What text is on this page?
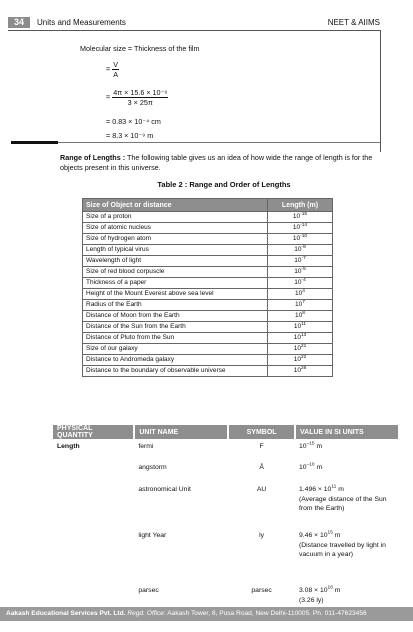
34	Units and Measurements	NEET & AIIMS
Molecular size = Thickness of the film
= $\frac{V}{A}$
= $\frac{\text{4π × 15.6 × 10⁻⁶}}{3 \times 25\pi}$
= 0.83 × 10⁻⁴ cm
= 8.3 × 10⁻⁹ m
Range of Lengths : The following table gives us an idea of how wide the range of length is for the objects present in this universe.
Table 2 : Range and Order of Lengths
Size of Object or distance	Length (m)
Size of a proton	$10^{-15}$
Size of atomic nucleus	$10^{-14}$
Size of hydrogen atom	$10^{-10}$
Length of typical virus	$10^{-8}$
Wavelength of light	$10^{-7}$
Size of red blood corpuscle	$10^{-5}$
Thickness of a paper	$10^{-4}$
Height of the Mount Everest above sea level	$10^4$
Radius of the Earth	$10^7$
Distance of Moon from the Earth	$10^8$
Distance of the Sun from the Earth	$10^{11}$
Distance of Pluto from the Sun	$10^{13}$
Size of our galaxy	$10^{21}$
Distance to Andromeda galaxy	$10^{22}$
Distance to the boundary of observable universe	$10^{26}$
PHYSICAL QUANTITY	UNIT NAME	SYMBOL	VALUE IN SI UNITS
Length	fermi	F	$10^{-15}$ m
	angstorm	Å	$10^{-10}$ m
	astronomical Unit	AU	$1.496 \times 10^{11}$ m
(Average distance of the Sun from the Earth)

	light Year	ly	$9.46 \times 10^{15}$ m
(Distance travelled by light in vacuum in a year)

	parsec	parsec	$3.08 \times 10^{16}$ m
(3.26 ly)
Aakash Educational Services Pvt. Ltd. Regd. Office: Aakash Tower, 8, Pusa Road, New Delhi-110005. Ph. 011-47623456
